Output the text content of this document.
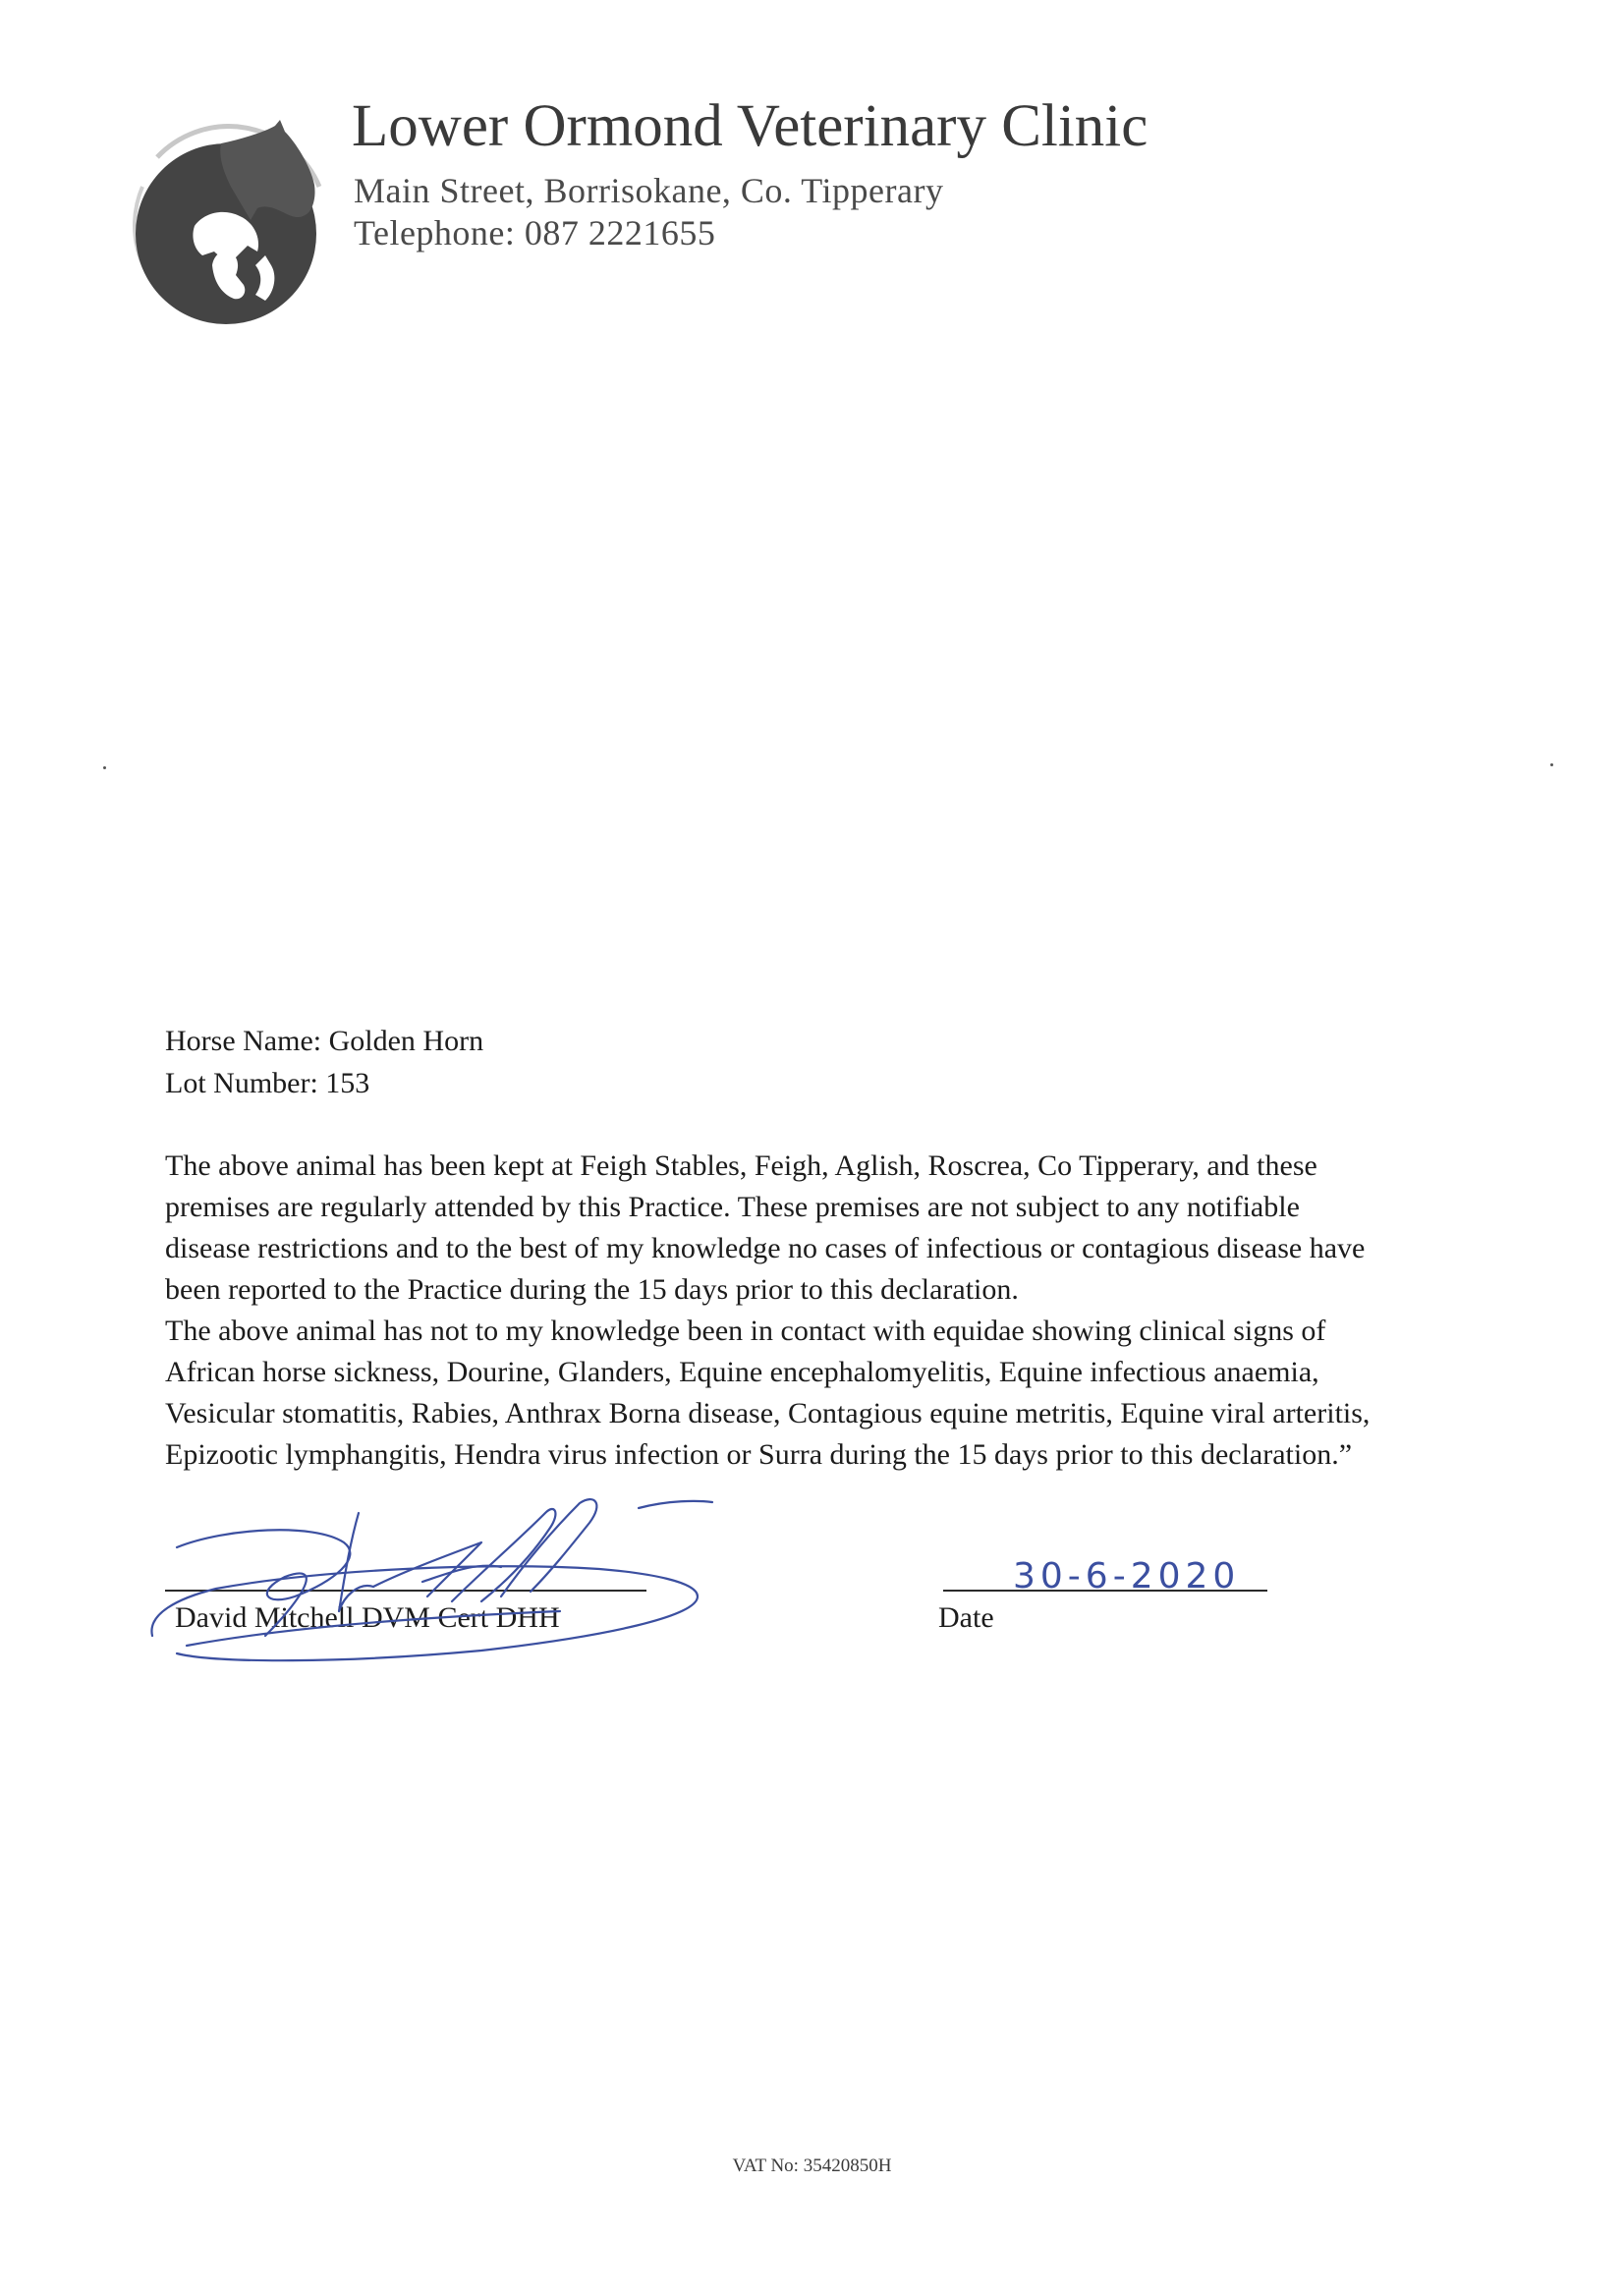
Lower Ormond Veterinary Clinic
Main Street, Borrisokane, Co. Tipperary
Telephone: 087 2221655
Horse Name: Golden Horn
Lot Number: 153
The above animal has been kept at Feigh Stables, Feigh, Aglish, Roscrea, Co Tipperary, and these
premises are regularly attended by this Practice. These premises are not subject to any notifiable
disease restrictions and to the best of my knowledge no cases of infectious or contagious disease have
been reported to the Practice during the 15 days prior to this declaration.
The above animal has not to my knowledge been in contact with equidae showing clinical signs of
African horse sickness, Dourine, Glanders, Equine encephalomyelitis, Equine infectious anaemia,
Vesicular stomatitis, Rabies, Anthrax Borna disease, Contagious equine metritis, Equine viral arteritis,
Epizootic lymphangitis, Hendra virus infection or Surra during the 15 days prior to this declaration.”
David Mitchell DVM Cert DHH	Date
30-6-2020
VAT No: 35420850H
